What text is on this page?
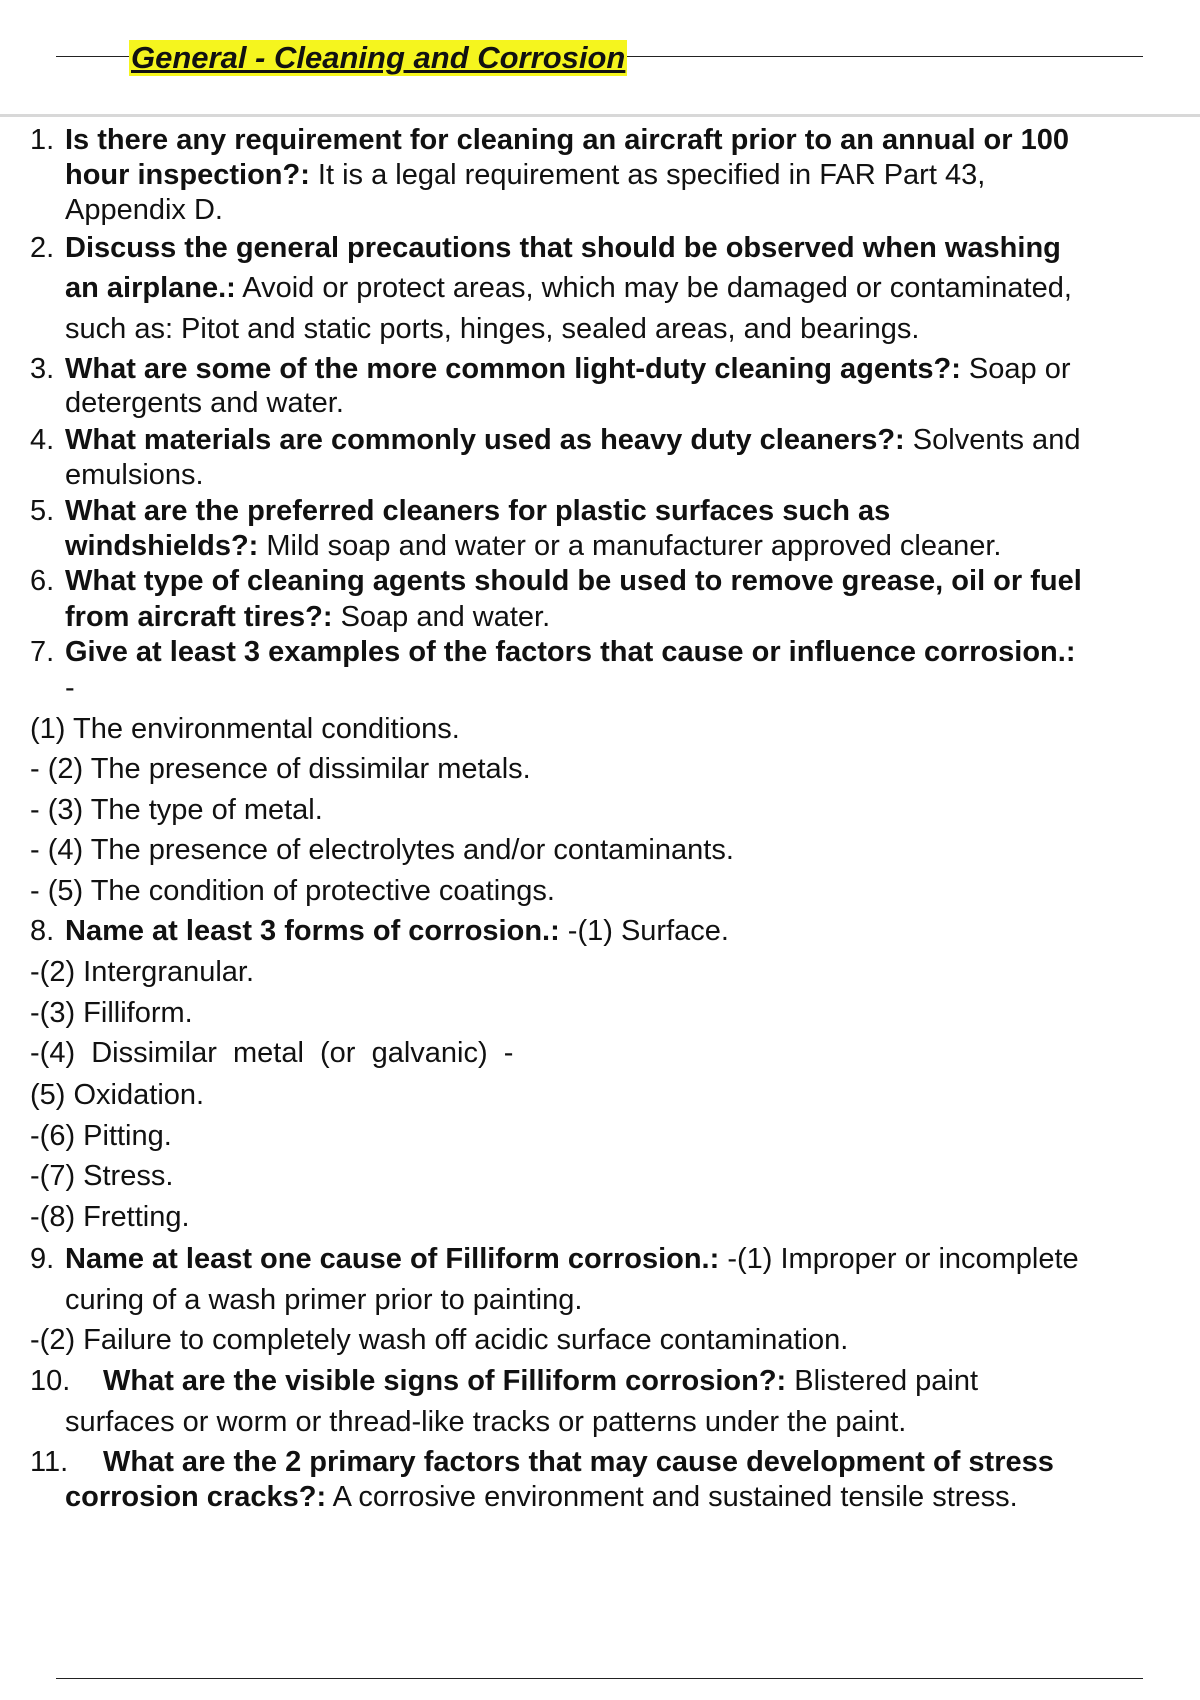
General - Cleaning and Corrosion
1. Is there any requirement for cleaning an aircraft prior to an annual or 100
hour inspection?: It is a legal requirement as specified in FAR Part 43,
Appendix D.
2. Discuss the general precautions that should be observed when washing
an airplane.: Avoid or protect areas, which may be damaged or contaminated,
such as: Pitot and static ports, hinges, sealed areas, and bearings.
3. What are some of the more common light-duty cleaning agents?: Soap or
detergents and water.
4. What materials are commonly used as heavy duty cleaners?: Solvents and
emulsions.
5. What are the preferred cleaners for plastic surfaces such as
windshields?: Mild soap and water or a manufacturer approved cleaner.
6. What type of cleaning agents should be used to remove grease, oil or fuel
from aircraft tires?: Soap and water.
7. Give at least 3 examples of the factors that cause or influence corrosion.:
-
(1) The environmental conditions.
- (2) The presence of dissimilar metals.
- (3) The type of metal.
- (4) The presence of electrolytes and/or contaminants.
- (5) The condition of protective coatings.
8. Name at least 3 forms of corrosion.: -(1) Surface.
-(2) Intergranular.
-(3) Filliform.
-(4)  Dissimilar  metal  (or  galvanic)  -
(5) Oxidation.
-(6) Pitting.
-(7) Stress.
-(8) Fretting.
9. Name at least one cause of Filliform corrosion.: -(1) Improper or incomplete
curing of a wash primer prior to painting.
-(2) Failure to completely wash off acidic surface contamination.
10. What are the visible signs of Filliform corrosion?: Blistered paint
surfaces or worm or thread-like tracks or patterns under the paint.
11. What are the 2 primary factors that may cause development of stress
corrosion cracks?: A corrosive environment and sustained tensile stress.
